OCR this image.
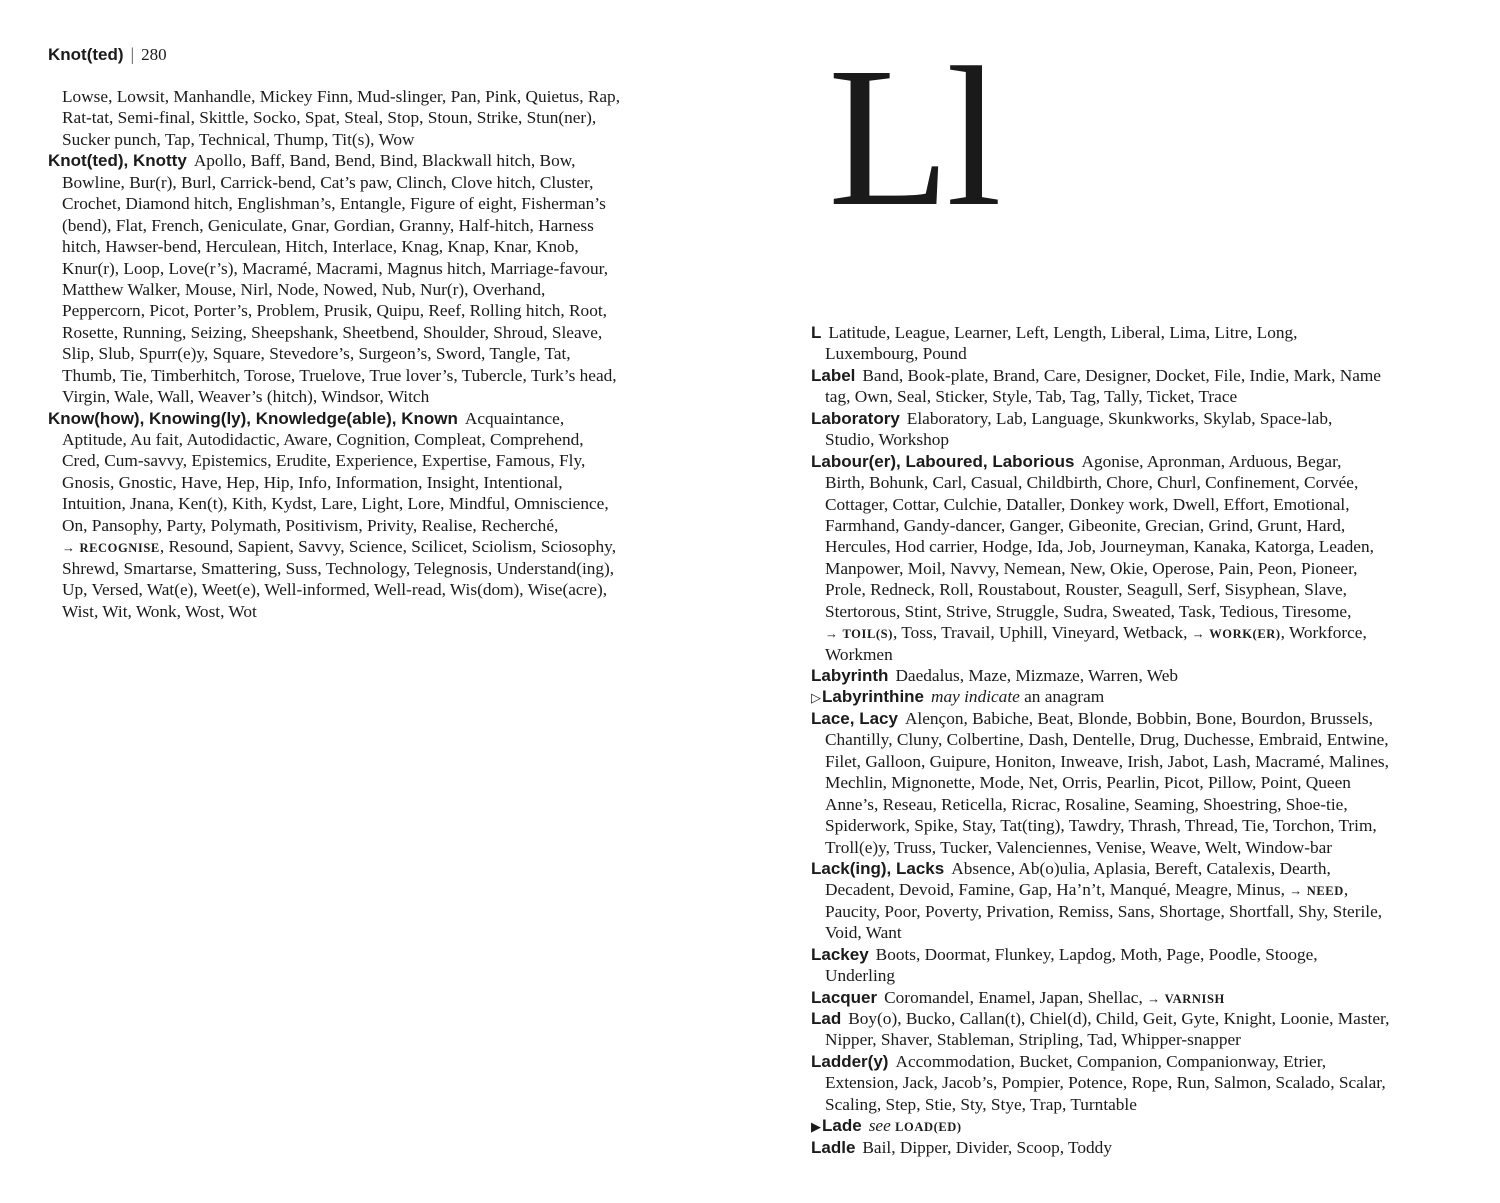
Knot(ted) | 280	Ll
Lowse, Lowsit, Manhandle, Mickey Finn, Mud-slinger, Pan, Pink, Quietus, Rap,
Rat-tat, Semi-final, Skittle, Socko, Spat, Steal, Stop, Stoun, Strike, Stun(ner),
Sucker punch, Tap, Technical, Thump, Tit(s), Wow
Knot(ted), Knotty Apollo, Baff, Band, Bend, Bind, Blackwall hitch, Bow,
Bowline, Bur(r), Burl, Carrick-bend, Cat’s paw, Clinch, Clove hitch, Cluster,
Crochet, Diamond hitch, Englishman’s, Entangle, Figure of eight, Fisherman’s
(bend), Flat, French, Geniculate, Gnar, Gordian, Granny, Half-hitch, Harness
hitch, Hawser-bend, Herculean, Hitch, Interlace, Knag, Knap, Knar, Knob,
Knur(r), Loop, Love(r’s), Macramé, Macrami, Magnus hitch, Marriage-favour,
Matthew Walker, Mouse, Nirl, Node, Nowed, Nub, Nur(r), Overhand,
Peppercorn, Picot, Porter’s, Problem, Prusik, Quipu, Reef, Rolling hitch, Root,
Rosette, Running, Seizing, Sheepshank, Sheetbend, Shoulder, Shroud, Sleave,
Slip, Slub, Spurr(e)y, Square, Stevedore’s, Surgeon’s, Sword, Tangle, Tat,
Thumb, Tie, Timberhitch, Torose, Truelove, True lover’s, Tubercle, Turk’s head,
Virgin, Wale, Wall, Weaver’s (hitch), Windsor, Witch
Know(how), Knowing(ly), Knowledge(able), Known Acquaintance,
Aptitude, Au fait, Autodidactic, Aware, Cognition, Compleat, Comprehend,
Cred, Cum-savvy, Epistemics, Erudite, Experience, Expertise, Famous, Fly,
Gnosis, Gnostic, Have, Hep, Hip, Info, Information, Insight, Intentional,
Intuition, Jnana, Ken(t), Kith, Kydst, Lare, Light, Lore, Mindful, Omniscience,
On, Pansophy, Party, Polymath, Positivism, Privity, Realise, Recherché,
→ RECOGNISE, Resound, Sapient, Savvy, Science, Scilicet, Sciolism, Sciosophy,
Shrewd, Smartarse, Smattering, Suss, Technology, Telegnosis, Understand(ing),
Up, Versed, Wat(e), Weet(e), Well-informed, Well-read, Wis(dom), Wise(acre),
Wist, Wit, Wonk, Wost, Wot
L Latitude, League, Learner, Left, Length, Liberal, Lima, Litre, Long,
Luxembourg, Pound
Label Band, Book-plate, Brand, Care, Designer, Docket, File, Indie, Mark, Name
tag, Own, Seal, Sticker, Style, Tab, Tag, Tally, Ticket, Trace
Laboratory Elaboratory, Lab, Language, Skunkworks, Skylab, Space-lab,
Studio, Workshop
Labour(er), Laboured, Laborious Agonise, Apronman, Arduous, Begar,
Birth, Bohunk, Carl, Casual, Childbirth, Chore, Churl, Confinement, Corvée,
Cottager, Cottar, Culchie, Dataller, Donkey work, Dwell, Effort, Emotional,
Farmhand, Gandy-dancer, Ganger, Gibeonite, Grecian, Grind, Grunt, Hard,
Hercules, Hod carrier, Hodge, Ida, Job, Journeyman, Kanaka, Katorga, Leaden,
Manpower, Moil, Navvy, Nemean, New, Okie, Operose, Pain, Peon, Pioneer,
Prole, Redneck, Roll, Roustabout, Rouster, Seagull, Serf, Sisyphean, Slave,
Stertorous, Stint, Strive, Struggle, Sudra, Sweated, Task, Tedious, Tiresome,
→ TOIL(S), Toss, Travail, Uphill, Vineyard, Wetback, → WORK(ER), Workforce,
Workmen
Labyrinth Daedalus, Maze, Mizmaze, Warren, Web
▷Labyrinthine may indicate an anagram
Lace, Lacy Alençon, Babiche, Beat, Blonde, Bobbin, Bone, Bourdon, Brussels,
Chantilly, Cluny, Colbertine, Dash, Dentelle, Drug, Duchesse, Embraid, Entwine,
Filet, Galloon, Guipure, Honiton, Inweave, Irish, Jabot, Lash, Macramé, Malines,
Mechlin, Mignonette, Mode, Net, Orris, Pearlin, Picot, Pillow, Point, Queen
Anne’s, Reseau, Reticella, Ricrac, Rosaline, Seaming, Shoestring, Shoe-tie,
Spiderwork, Spike, Stay, Tat(ting), Tawdry, Thrash, Thread, Tie, Torchon, Trim,
Troll(e)y, Truss, Tucker, Valenciennes, Venise, Weave, Welt, Window-bar
Lack(ing), Lacks Absence, Ab(o)ulia, Aplasia, Bereft, Catalexis, Dearth,
Decadent, Devoid, Famine, Gap, Ha’n’t, Manqué, Meagre, Minus, → NEED,
Paucity, Poor, Poverty, Privation, Remiss, Sans, Shortage, Shortfall, Shy, Sterile,
Void, Want
Lackey Boots, Doormat, Flunkey, Lapdog, Moth, Page, Poodle, Stooge,
Underling
Lacquer Coromandel, Enamel, Japan, Shellac, → VARNISH
Lad Boy(o), Bucko, Callan(t), Chiel(d), Child, Geit, Gyte, Knight, Loonie, Master,
Nipper, Shaver, Stableman, Stripling, Tad, Whipper-snapper
Ladder(y) Accommodation, Bucket, Companion, Companionway, Etrier,
Extension, Jack, Jacob’s, Pompier, Potence, Rope, Run, Salmon, Scalado, Scalar,
Scaling, Step, Stie, Sty, Stye, Trap, Turntable
▶Lade see LOAD(ED)
Ladle Bail, Dipper, Divider, Scoop, Toddy
